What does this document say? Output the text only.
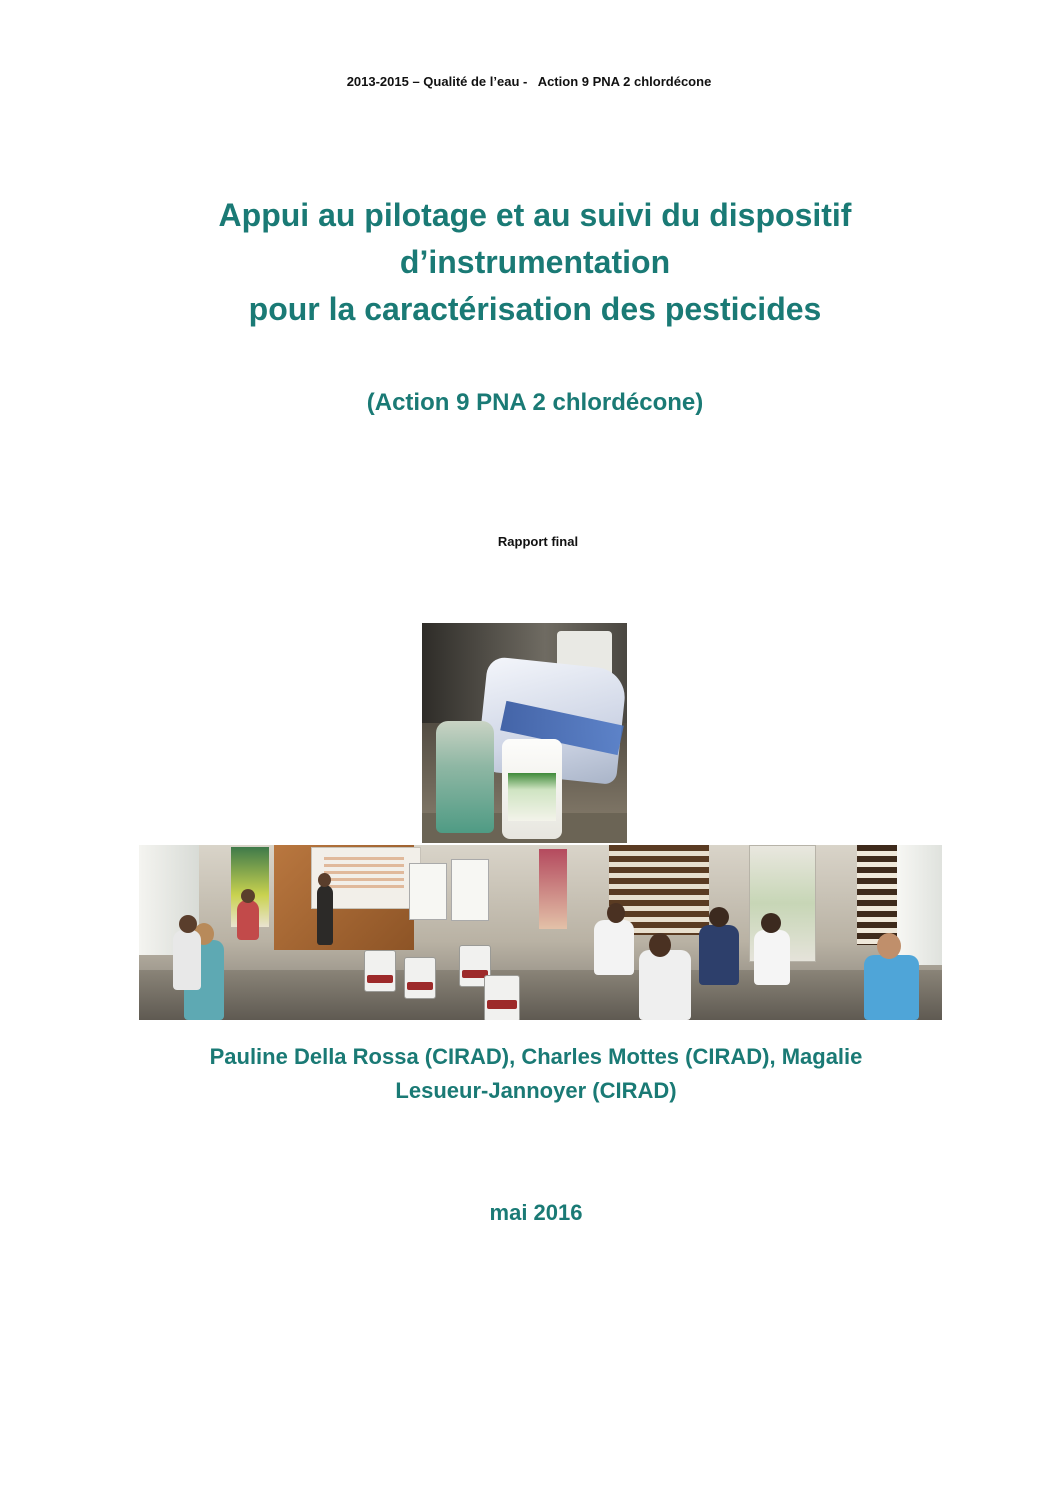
2013-2015 – Qualité de l’eau -   Action 9 PNA 2 chlordécone
Appui au pilotage et au suivi du dispositif
d’instrumentation
pour la caractérisation des pesticides
(Action 9 PNA 2 chlordécone)
Rapport final
Pauline Della Rossa (CIRAD), Charles Mottes (CIRAD), Magalie
Lesueur-Jannoyer (CIRAD)
mai 2016
